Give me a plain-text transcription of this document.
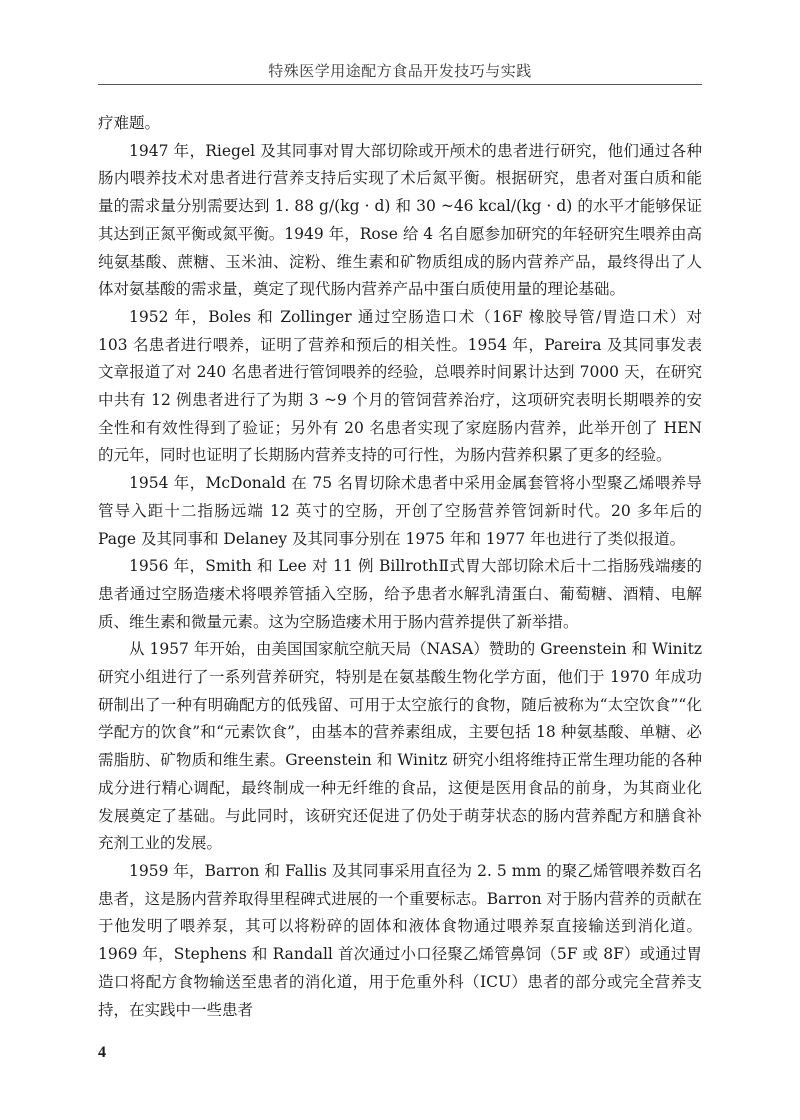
特殊医学用途配方食品开发技巧与实践

疗难题。

1947 年，Riegel 及其同事对胃大部切除或开颅术的患者进行研究，他们通过各种肠内喂养技术对患者进行营养支持后实现了术后氮平衡。根据研究，患者对蛋白质和能量的需求量分别需要达到 1. 88 g/(kg · d) 和 30 ~46 kcal/(kg · d) 的水平才能够保证其达到正氮平衡或氮平衡。1949 年，Rose 给 4 名自愿参加研究的年轻研究生喂养由高纯氨基酸、蔗糖、玉米油、淀粉、维生素和矿物质组成的肠内营养产品，最终得出了人体对氨基酸的需求量，奠定了现代肠内营养产品中蛋白质使用量的理论基础。

1952 年，Boles 和 Zollinger 通过空肠造口术（16F 橡胶导管/胃造口术）对 103 名患者进行喂养，证明了营养和预后的相关性。1954 年，Pareira 及其同事发表文章报道了对 240 名患者进行管饲喂养的经验，总喂养时间累计达到 7000 天，在研究中共有 12 例患者进行了为期 3 ~9 个月的管饲营养治疗，这项研究表明长期喂养的安全性和有效性得到了验证；另外有 20 名患者实现了家庭肠内营养，此举开创了 HEN 的元年，同时也证明了长期肠内营养支持的可行性，为肠内营养积累了更多的经验。

1954 年，McDonald 在 75 名胃切除术患者中采用金属套管将小型聚乙烯喂养导管导入距十二指肠远端 12 英寸的空肠，开创了空肠营养管饲新时代。20 多年后的 Page 及其同事和 Delaney 及其同事分别在 1975 年和 1977 年也进行了类似报道。

1956 年，Smith 和 Lee 对 11 例 BillrothⅡ式胃大部切除术后十二指肠残端瘘的患者通过空肠造瘘术将喂养管插入空肠，给予患者水解乳清蛋白、葡萄糖、酒精、电解质、维生素和微量元素。这为空肠造瘘术用于肠内营养提供了新举措。

从 1957 年开始，由美国国家航空航天局（NASA）赞助的 Greenstein 和 Winitz 研究小组进行了一系列营养研究，特别是在氨基酸生物化学方面，他们于 1970 年成功研制出了一种有明确配方的低残留、可用于太空旅行的食物，随后被称为“太空饮食”“化学配方的饮食”和“元素饮食”，由基本的营养素组成，主要包括 18 种氨基酸、单糖、必需脂肪、矿物质和维生素。Greenstein 和 Winitz 研究小组将维持正常生理功能的各种成分进行精心调配，最终制成一种无纤维的食品，这便是医用食品的前身，为其商业化发展奠定了基础。与此同时，该研究还促进了仍处于萌芽状态的肠内营养配方和膳食补充剂工业的发展。

1959 年，Barron 和 Fallis 及其同事采用直径为 2. 5 mm 的聚乙烯管喂养数百名患者，这是肠内营养取得里程碑式进展的一个重要标志。Barron 对于肠内营养的贡献在于他发明了喂养泵，其可以将粉碎的固体和液体食物通过喂养泵直接输送到消化道。1969 年，Stephens 和 Randall 首次通过小口径聚乙烯管鼻饲（5F 或 8F）或通过胃造口将配方食物输送至患者的消化道，用于危重外科（ICU）患者的部分或完全营养支持，在实践中一些患者

4
